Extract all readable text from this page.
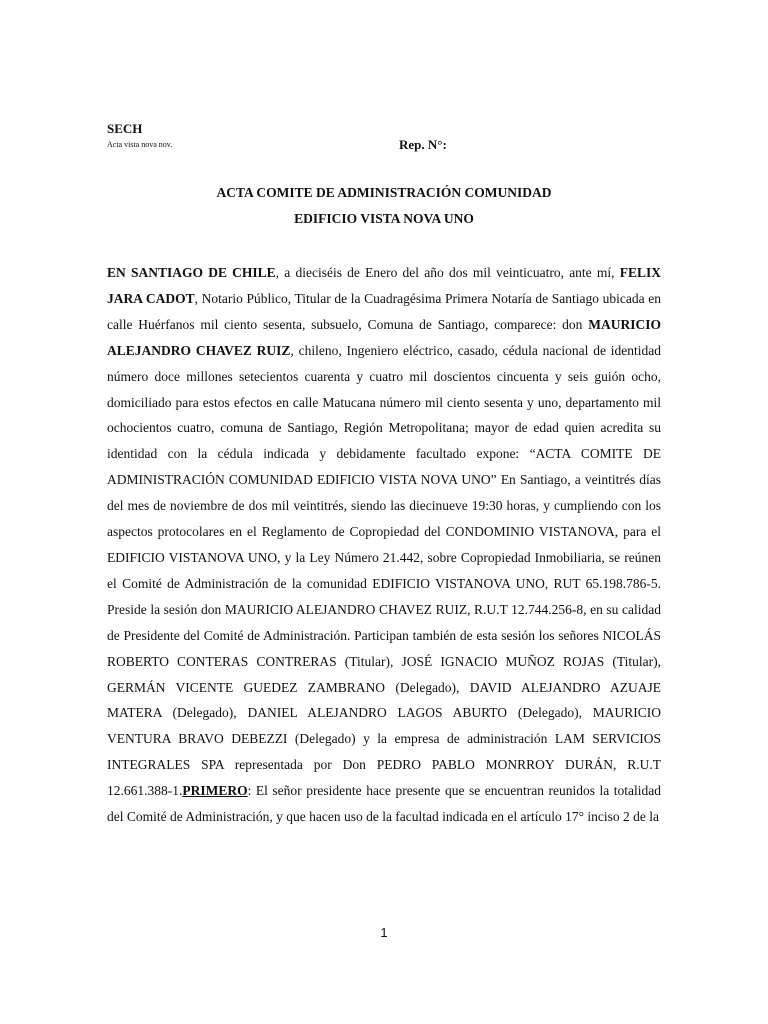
SECH
Acta vista nova nov.	Rep. N°:
ACTA COMITE DE ADMINISTRACIÓN COMUNIDAD
EDIFICIO VISTA NOVA UNO

EN SANTIAGO DE CHILE, a dieciséis de Enero del año dos mil veinticuatro, ante mí, FELIX JARA CADOT, Notario Público, Titular de la Cuadragésima Primera Notaría de Santiago ubicada en calle Huérfanos mil ciento sesenta, subsuelo, Comuna de Santiago, comparece: don MAURICIO ALEJANDRO CHAVEZ RUIZ, chileno, Ingeniero eléctrico, casado, cédula nacional de identidad número doce millones setecientos cuarenta y cuatro mil doscientos cincuenta y seis guión ocho, domiciliado para estos efectos en calle Matucana número mil ciento sesenta y uno, departamento mil ochocientos cuatro, comuna de Santiago, Región Metropolitana; mayor de edad quien acredita su identidad con la cédula indicada y debidamente facultado expone: “ACTA COMITE DE ADMINISTRACIÓN COMUNIDAD EDIFICIO VISTA NOVA UNO” En Santiago, a veintitrés días del mes de noviembre de dos mil veintitrés, siendo las diecinueve 19:30 horas, y cumpliendo con los aspectos protocolares en el Reglamento de Copropiedad del CONDOMINIO VISTANOVA, para el EDIFICIO VISTANOVA UNO, y la Ley Número 21.442, sobre Copropiedad Inmobiliaria, se reúnen el Comité de Administración de la comunidad EDIFICIO VISTANOVA UNO, RUT 65.198.786-5. Preside la sesión don MAURICIO ALEJANDRO CHAVEZ RUIZ, R.U.T 12.744.256-8, en su calidad de Presidente del Comité de Administración. Participan también de esta sesión los señores NICOLÁS ROBERTO CONTERAS CONTRERAS (Titular), JOSÉ IGNACIO MUÑOZ ROJAS (Titular), GERMÁN VICENTE GUEDEZ ZAMBRANO (Delegado), DAVID ALEJANDRO AZUAJE MATERA (Delegado), DANIEL ALEJANDRO LAGOS ABURTO (Delegado), MAURICIO VENTURA BRAVO DEBEZZI (Delegado) y la empresa de administración LAM SERVICIOS INTEGRALES SPA representada por Don PEDRO PABLO MONRROY DURÁN, R.U.T 12.661.388-1.PRIMERO: El señor presidente hace presente que se encuentran reunidos la totalidad del Comité de Administración, y que hacen uso de la facultad indicada en el artículo 17° inciso 2 de la

1
